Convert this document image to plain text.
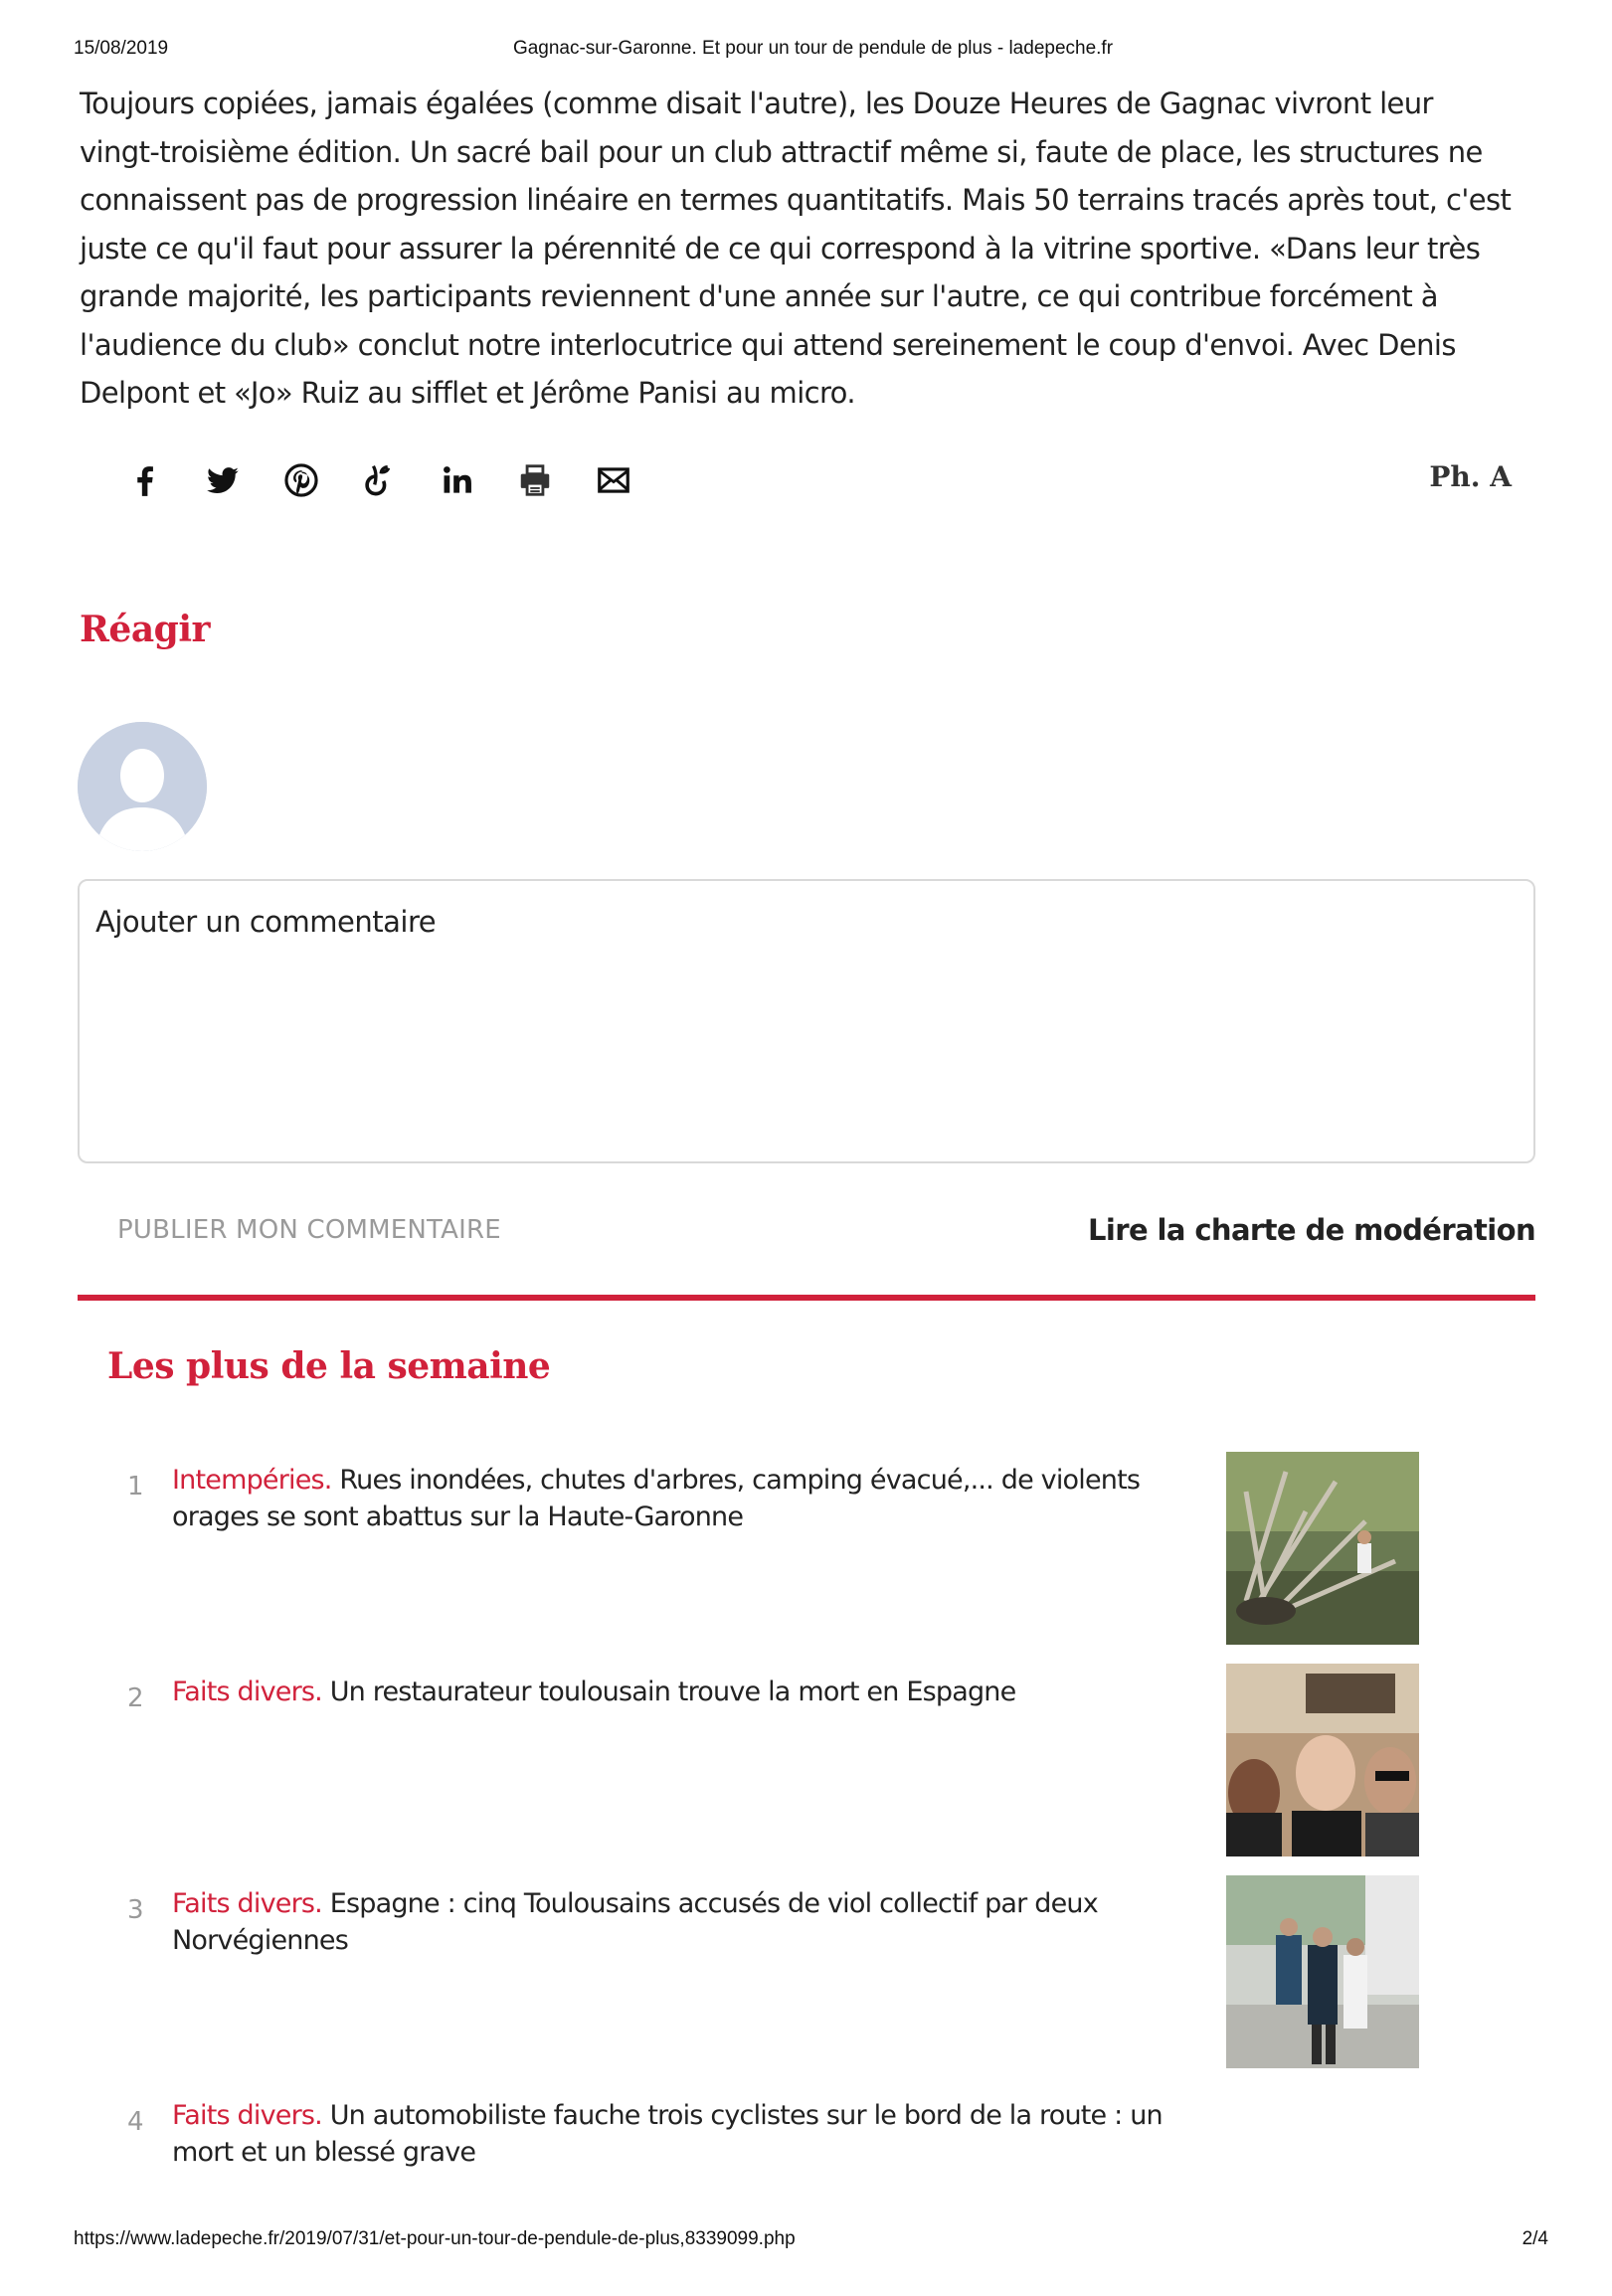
15/08/2019	Gagnac-sur-Garonne. Et pour un tour de pendule de plus - ladepeche.fr

Toujours copiées, jamais égalées (comme disait l'autre), les Douze Heures de Gagnac vivront leur vingt-troisième édition. Un sacré bail pour un club attractif même si, faute de place, les structures ne connaissent pas de progression linéaire en termes quantitatifs. Mais 50 terrains tracés après tout, c'est juste ce qu'il faut pour assurer la pérennité de ce qui correspond à la vitrine sportive. «Dans leur très grande majorité, les participants reviennent d'une année sur l'autre, ce qui contribue forcément à l'audience du club» conclut notre interlocutrice qui attend sereinement le coup d'envoi. Avec Denis Delpont et «Jo» Ruiz au sifflet et Jérôme Panisi au micro.

Ph. A
Réagir
Ajouter un commentaire
PUBLIER MON COMMENTAIRE	Lire la charte de modération
Les plus de la semaine
1 Intempéries. Rues inondées, chutes d'arbres, camping évacué,... de violents orages se sont abattus sur la Haute-Garonne
2 Faits divers. Un restaurateur toulousain trouve la mort en Espagne
3 Faits divers. Espagne : cinq Toulousains accusés de viol collectif par deux Norvégiennes
4 Faits divers. Un automobiliste fauche trois cyclistes sur le bord de la route : un mort et un blessé grave
https://www.ladepeche.fr/2019/07/31/et-pour-un-tour-de-pendule-de-plus,8339099.php	2/4
